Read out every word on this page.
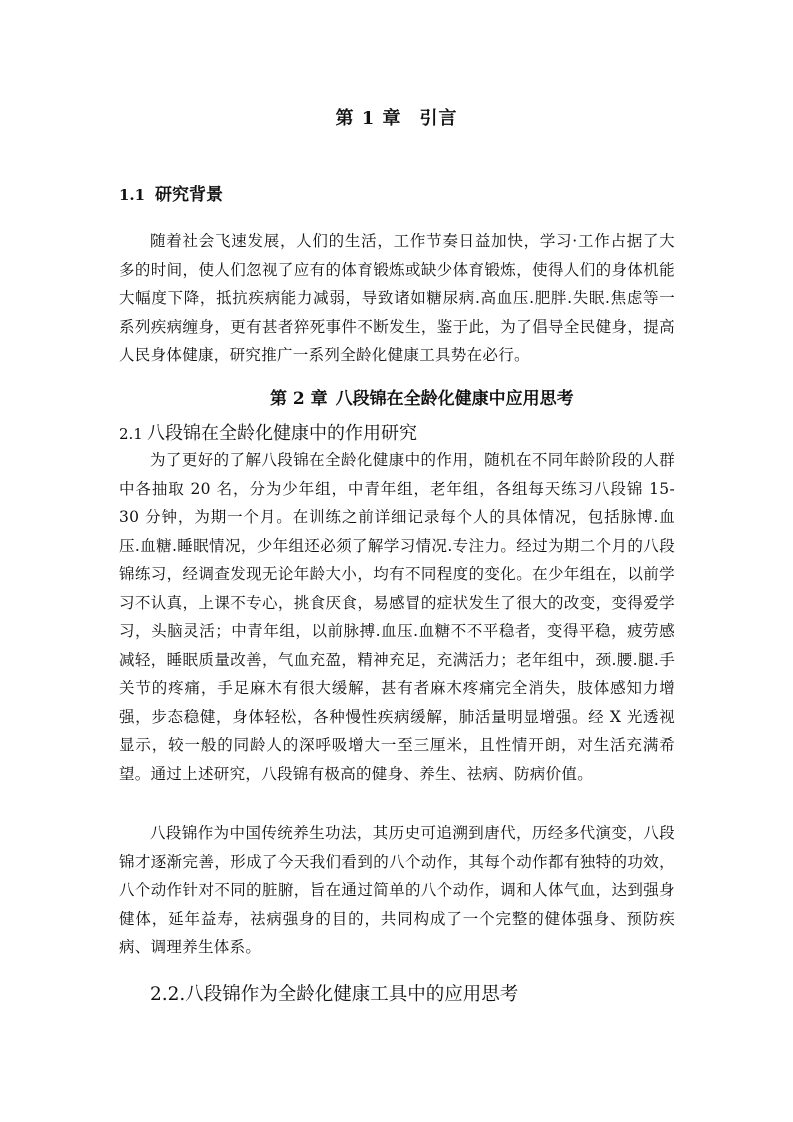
第 1 章 引言
1.1 研究背景

随着社会飞速发展，人们的生活，工作节奏日益加快，学习·工作占据了大多的时间，使人们忽视了应有的体育锻炼或缺少体育锻炼，使得人们的身体机能大幅度下降，抵抗疾病能力减弱，导致诸如糖尿病.高血压.肥胖.失眠.焦虑等一系列疾病缠身，更有甚者猝死事件不断发生，鉴于此，为了倡导全民健身，提高人民身体健康，研究推广一系列全龄化健康工具势在必行。

第 2 章 八段锦在全龄化健康中应用思考
2.1 八段锦在全龄化健康中的作用研究

为了更好的了解八段锦在全龄化健康中的作用，随机在不同年龄阶段的人群中各抽取 20 名，分为少年组，中青年组，老年组，各组每天练习八段锦 15-30 分钟，为期一个月。在训练之前详细记录每个人的具体情况，包括脉博.血压.血糖.睡眠情况，少年组还必须了解学习情况.专注力。经过为期二个月的八段锦练习，经调查发现无论年龄大小，均有不同程度的变化。在少年组在，以前学习不认真，上课不专心，挑食厌食，易感冒的症状发生了很大的改变，变得爱学习，头脑灵活；中青年组，以前脉搏.血压.血糖不不平稳者，变得平稳，疲劳感减轻，睡眠质量改善，气血充盈，精神充足，充满活力；老年组中，颈.腰.腿.手关节的疼痛，手足麻木有很大缓解，甚有者麻木疼痛完全消失，肢体感知力增强，步态稳健，身体轻松，各种慢性疾病缓解，肺活量明显增强。经 X 光透视显示，较一般的同龄人的深呼吸增大一至三厘米，且性情开朗，对生活充满希望。通过上述研究，八段锦有极高的健身、养生、祛病、防病价值。

八段锦作为中国传统养生功法，其历史可追溯到唐代，历经多代演变，八段锦才逐渐完善，形成了今天我们看到的八个动作，其每个动作都有独特的功效，八个动作针对不同的脏腑，旨在通过简单的八个动作，调和人体气血，达到强身健体，延年益寿，祛病强身的目的，共同构成了一个完整的健体强身、预防疾病、调理养生体系。

2.2.八段锦作为全龄化健康工具中的应用思考
